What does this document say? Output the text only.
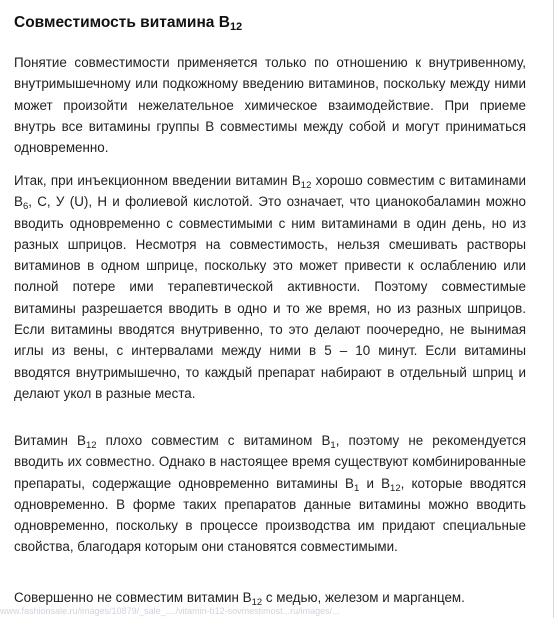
Совместимость витамина $B_{12}$

Понятие совместимости применяется только по отношению к внутривенному, внутримышечному или подкожному введению витаминов, поскольку между ними может произойти нежелательное химическое взаимодействие. При приеме внутрь все витамины группы В совместимы между собой и могут приниматься одновременно.

Итак, при инъекционном введении витамин $B_{12}$ хорошо совместим с витаминами $B_6$, C, У (U), H и фолиевой кислотой. Это означает, что цианокобаламин можно вводить одновременно с совместимыми с ним витаминами в один день, но из разных шприцов. Несмотря на совместимость, нельзя смешивать растворы витаминов в одном шприце, поскольку это может привести к ослаблению или полной потере ими терапевтической активности. Поэтому совместимые витамины разрешается вводить в одно и то же время, но из разных шприцов. Если витамины вводятся внутривенно, то это делают поочередно, не вынимая иглы из вены, с интервалами между ними в 5 – 10 минут. Если витамины вводятся внутримышечно, то каждый препарат набирают в отдельный шприц и делают укол в разные места.

Витамин $B_{12}$ плохо совместим с витамином $B_1$, поэтому не рекомендуется вводить их совместно. Однако в настоящее время существуют комбинированные препараты, содержащие одновременно витамины $B_1$ и $B_{12}$, которые вводятся одновременно. В форме таких препаратов данные витамины можно вводить одновременно, поскольку в процессе производства им придают специальные свойства, благодаря которым они становятся совместимыми.

Совершенно не совместим витамин $B_{12}$ с медью, железом и марганцем.

www.fashionsale.ru/images/10879/_sale_..../vitamin-b12-sovmestimost...ru/images/...
